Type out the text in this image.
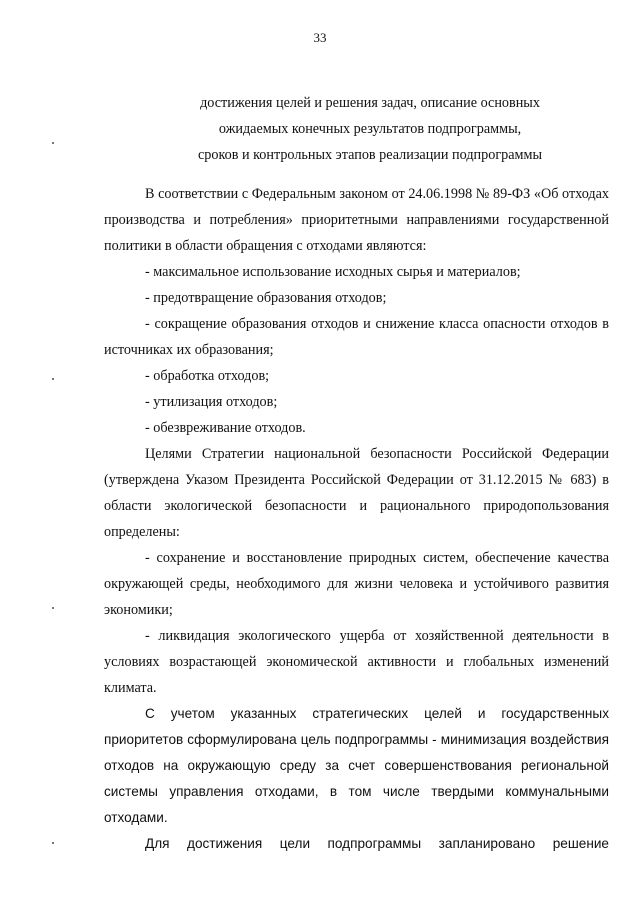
33
достижения целей и решения задач, описание основных
ожидаемых конечных результатов подпрограммы,
сроков и контрольных этапов реализации подпрограммы

В соответствии с Федеральным законом от 24.06.1998 № 89-ФЗ «Об отходах производства и потребления» приоритетными направлениями государственной политики в области обращения с отходами являются:

- максимальное использование исходных сырья и материалов;

- предотвращение образования отходов;

- сокращение образования отходов и снижение класса опасности отходов в источниках их образования;

- обработка отходов;

- утилизация отходов;

- обезвреживание отходов.

Целями Стратегии национальной безопасности Российской Федерации (утверждена Указом Президента Российской Федерации от 31.12.2015 № 683) в области экологической безопасности и рационального природопользования определены:

- сохранение и восстановление природных систем, обеспечение качества окружающей среды, необходимого для жизни человека и устойчивого развития экономики;

- ликвидация экологического ущерба от хозяйственной деятельности в условиях возрастающей экономической активности и глобальных изменений климата.

С учетом указанных стратегических целей и государственных приоритетов сформулирована цель подпрограммы - минимизация воздействия отходов на окружающую среду за счет совершенствования региональной системы управления отходами, в том числе твердыми коммунальными отходами.

Для достижения цели подпрограммы запланировано решение
